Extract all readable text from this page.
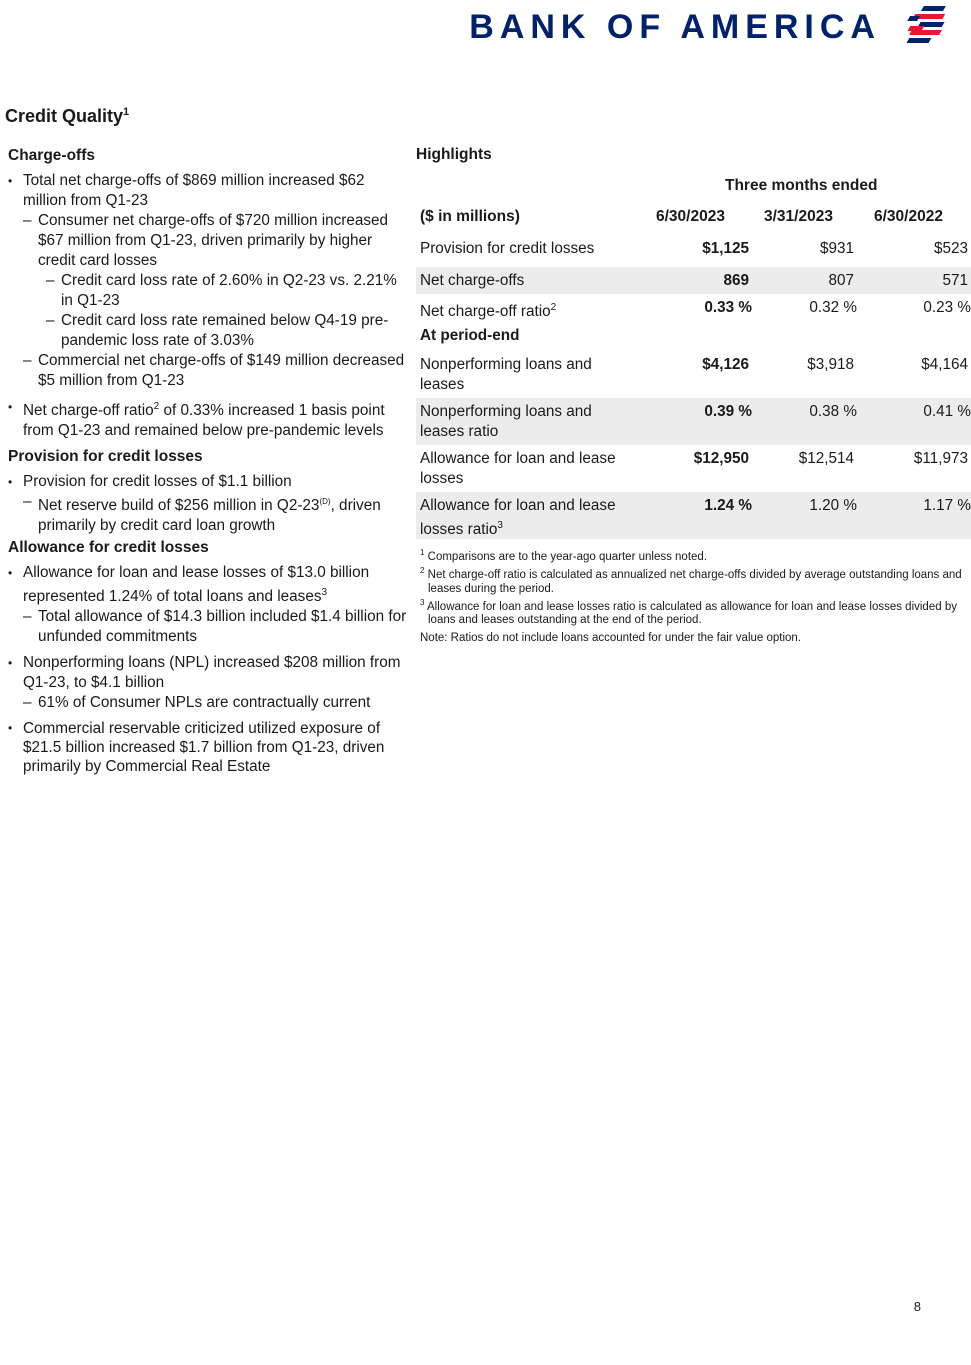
BANK OF AMERICA
Credit Quality$^1$
Charge-offs
• Total net charge-offs of $869 million increased $62 million from Q1-23
– Consumer net charge-offs of $720 million increased $67 million from Q1-23, driven primarily by higher credit card losses
– Credit card loss rate of 2.60% in Q2-23 vs. 2.21% in Q1-23
– Credit card loss rate remained below Q4-19 pre-pandemic loss rate of 3.03%
– Commercial net charge-offs of $149 million decreased $5 million from Q1-23
• Net charge-off ratio$^2$ of 0.33% increased 1 basis point from Q1-23 and remained below pre-pandemic levels
Provision for credit losses
• Provision for credit losses of $1.1 billion
– Net reserve build of $256 million in $Q2-23^{(D)}$, driven primarily by credit card loan growth
Allowance for credit losses
• Allowance for loan and lease losses of $13.0 billion represented 1.24% of total loans and leases$^3$
– Total allowance of $14.3 billion included $1.4 billion for unfunded commitments
• Nonperforming loans (NPL) increased $208 million from Q1-23, to $4.1 billion
– 61% of Consumer NPLs are contractually current
• Commercial reservable criticized utilized exposure of $21.5 billion increased $1.7 billion from Q1-23, driven primarily by Commercial Real Estate
Highlights
Three months ended
($ in millions)	6/30/2023	3/31/2023	6/30/2022
Provision for credit losses	$1,125	$931	$523
Net charge-offs	869	807	571
Net charge-off ratio$^2$	0.33 %	0.32 %	0.23 %
At period-end
Nonperforming loans and leases
$4,126	$3,918	$4,164
Nonperforming loans and leases ratio
0.39 %	0.38 %	0.41 %
Allowance for loan and lease losses
$12,950	$12,514	$11,973
Allowance for loan and lease losses ratio$^3$
1.24 %	1.20 %	1.17 %

$^1$ Comparisons are to the year-ago quarter unless noted.

$^2$ Net charge-off ratio is calculated as annualized net charge-offs divided by average outstanding loans and leases during the period.

$^3$ Allowance for loan and lease losses ratio is calculated as allowance for loan and lease losses divided by loans and leases outstanding at the end of the period.

Note: Ratios do not include loans accounted for under the fair value option.
8
